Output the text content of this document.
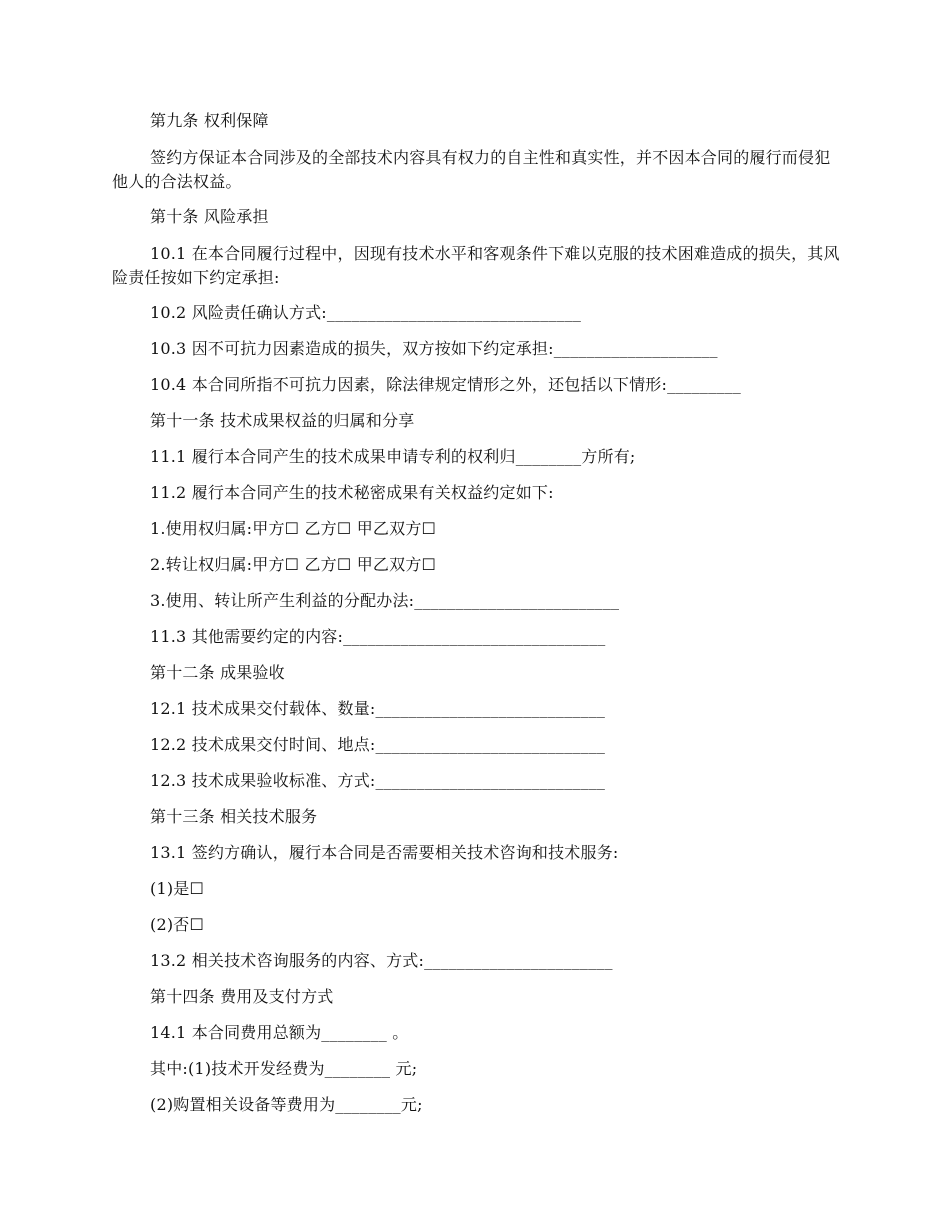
第九条 权利保障

签约方保证本合同涉及的全部技术内容具有权力的自主性和真实性，并不因本合同的履行而侵犯他人的合法权益。

第十条 风险承担

10.1 在本合同履行过程中，因现有技术水平和客观条件下难以克服的技术困难造成的损失，其风险责任按如下约定承担:

10.2 风险责任确认方式:_______________________________

10.3 因不可抗力因素造成的损失，双方按如下约定承担:____________________

10.4 本合同所指不可抗力因素，除法律规定情形之外，还包括以下情形:_________

第十一条 技术成果权益的归属和分享

11.1 履行本合同产生的技术成果申请专利的权利归________方所有;

11.2 履行本合同产生的技术秘密成果有关权益约定如下:

1.使用权归属:甲方☐ 乙方☐ 甲乙双方☐

2.转让权归属:甲方☐ 乙方☐ 甲乙双方☐

3.使用、转让所产生利益的分配办法:_________________________

11.3 其他需要约定的内容:________________________________

第十二条 成果验收

12.1 技术成果交付载体、数量:____________________________

12.2 技术成果交付时间、地点:____________________________

12.3 技术成果验收标准、方式:____________________________

第十三条 相关技术服务

13.1 签约方确认，履行本合同是否需要相关技术咨询和技术服务:

(1)是☐

(2)否☐

13.2 相关技术咨询服务的内容、方式:_______________________

第十四条 费用及支付方式

14.1 本合同费用总额为________ 。

其中:(1)技术开发经费为________ 元;

(2)购置相关设备等费用为________元;
